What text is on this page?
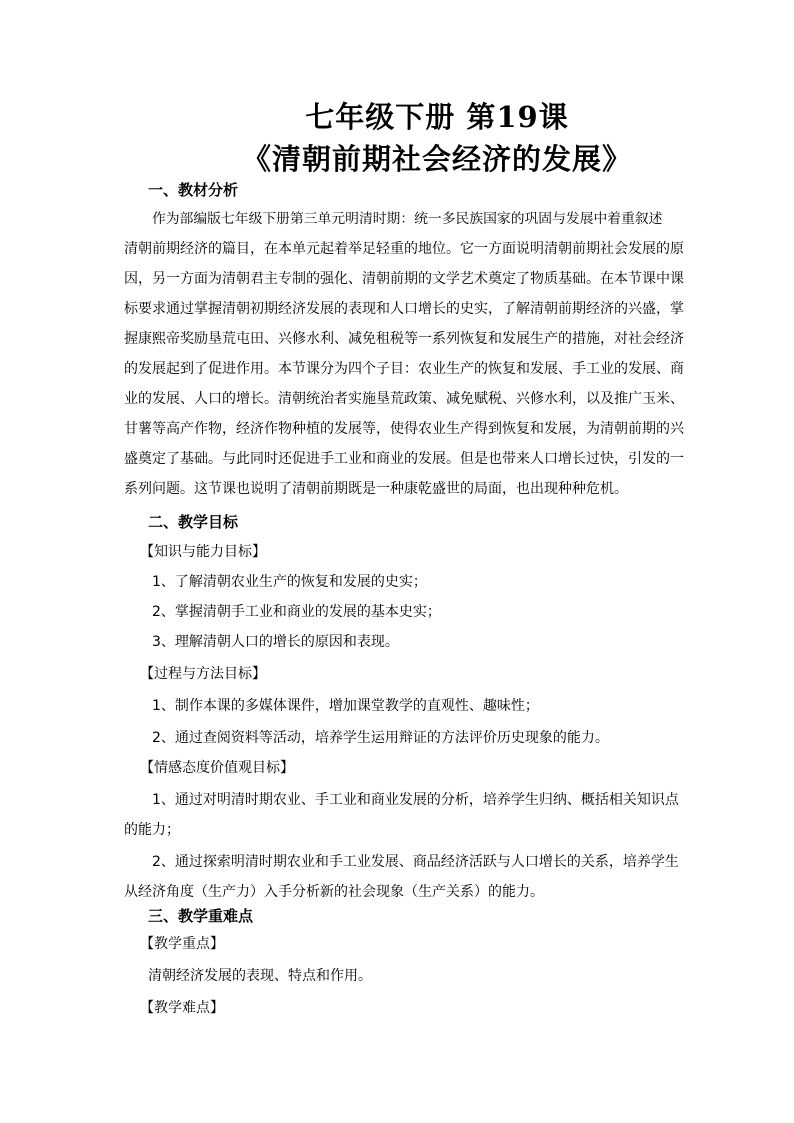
七年级下册 第19课
《清朝前期社会经济的发展》
一、教材分析
作为部编版七年级下册第三单元明清时期：统一多民族国家的巩固与发展中着重叙述
清朝前期经济的篇目，在本单元起着举足轻重的地位。它一方面说明清朝前期社会发展的原
因，另一方面为清朝君主专制的强化、清朝前期的文学艺术奠定了物质基础。在本节课中课
标要求通过掌握清朝初期经济发展的表现和人口增长的史实，了解清朝前期经济的兴盛，掌
握康熙帝奖励垦荒屯田、兴修水利、减免租税等一系列恢复和发展生产的措施，对社会经济
的发展起到了促进作用。本节课分为四个子目：农业生产的恢复和发展、手工业的发展、商
业的发展、人口的增长。清朝统治者实施垦荒政策、减免赋税、兴修水利，以及推广玉米、
甘薯等高产作物，经济作物种植的发展等，使得农业生产得到恢复和发展，为清朝前期的兴
盛奠定了基础。与此同时还促进手工业和商业的发展。但是也带来人口增长过快，引发的一
系列问题。这节课也说明了清朝前期既是一种康乾盛世的局面，也出现种种危机。
二、教学目标
【知识与能力目标】
1、了解清朝农业生产的恢复和发展的史实；
2、掌握清朝手工业和商业的发展的基本史实；
3、理解清朝人口的增长的原因和表现。
【过程与方法目标】
1、制作本课的多媒体课件，增加课堂教学的直观性、趣味性；
2、通过查阅资料等活动，培养学生运用辩证的方法评价历史现象的能力。
【情感态度价值观目标】
1、通过对明清时期农业、手工业和商业发展的分析，培养学生归纳、概括相关知识点
的能力；
2、通过探索明清时期农业和手工业发展、商品经济活跃与人口增长的关系，培养学生
从经济角度（生产力）入手分析新的社会现象（生产关系）的能力。
三、教学重难点
【教学重点】
清朝经济发展的表现、特点和作用。
【教学难点】
